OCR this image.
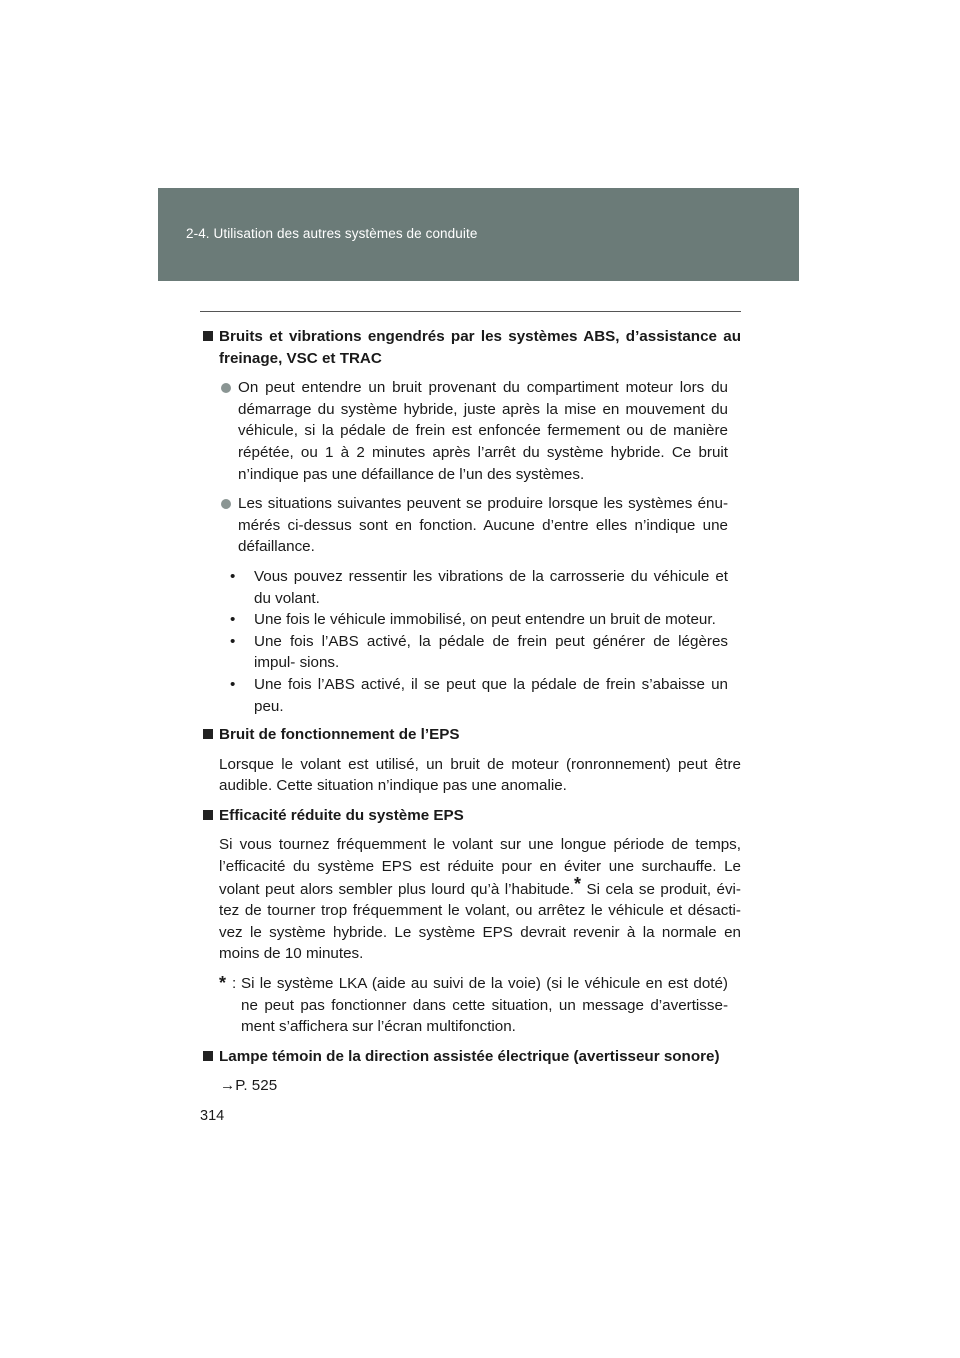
2-4. Utilisation des autres systèmes de conduite
Bruits et vibrations engendrés par les systèmes ABS, d’assistance au freinage, VSC et TRAC
On peut entendre un bruit provenant du compartiment moteur lors du démarrage du système hybride, juste après la mise en mouvement du véhicule, si la pédale de frein est enfoncée fermement ou de manière répétée, ou 1 à 2 minutes après l’arrêt du système hybride. Ce bruit n’indique pas une défaillance de l’un des systèmes.
Les situations suivantes peuvent se produire lorsque les systèmes énu- mérés ci-dessus sont en fonction. Aucune d’entre elles n’indique une défaillance.
• Vous pouvez ressentir les vibrations de la carrosserie du véhicule et du volant.
• Une fois le véhicule immobilisé, on peut entendre un bruit de moteur.
• Une fois l’ABS activé, la pédale de frein peut générer de légères impul- sions.
• Une fois l’ABS activé, il se peut que la pédale de frein s’abaisse un peu.
Bruit de fonctionnement de l’EPS
Lorsque le volant est utilisé, un bruit de moteur (ronronnement) peut être audible. Cette situation n’indique pas une anomalie.
Efficacité réduite du système EPS
Si vous tournez fréquemment le volant sur une longue période de temps, l’efficacité du système EPS est réduite pour en éviter une surchauffe. Le volant peut alors sembler plus lourd qu’à l’habitude.* Si cela se produit, évi- tez de tourner trop fréquemment le volant, ou arrêtez le véhicule et désacti- vez le système hybride. Le système EPS devrait revenir à la normale en moins de 10 minutes.
* : Si le système LKA (aide au suivi de la voie) (si le véhicule en est doté) ne peut pas fonctionner dans cette situation, un message d’avertisse- ment s’affichera sur l’écran multifonction.
Lampe témoin de la direction assistée électrique (avertisseur sonore)
→P. 525
314
